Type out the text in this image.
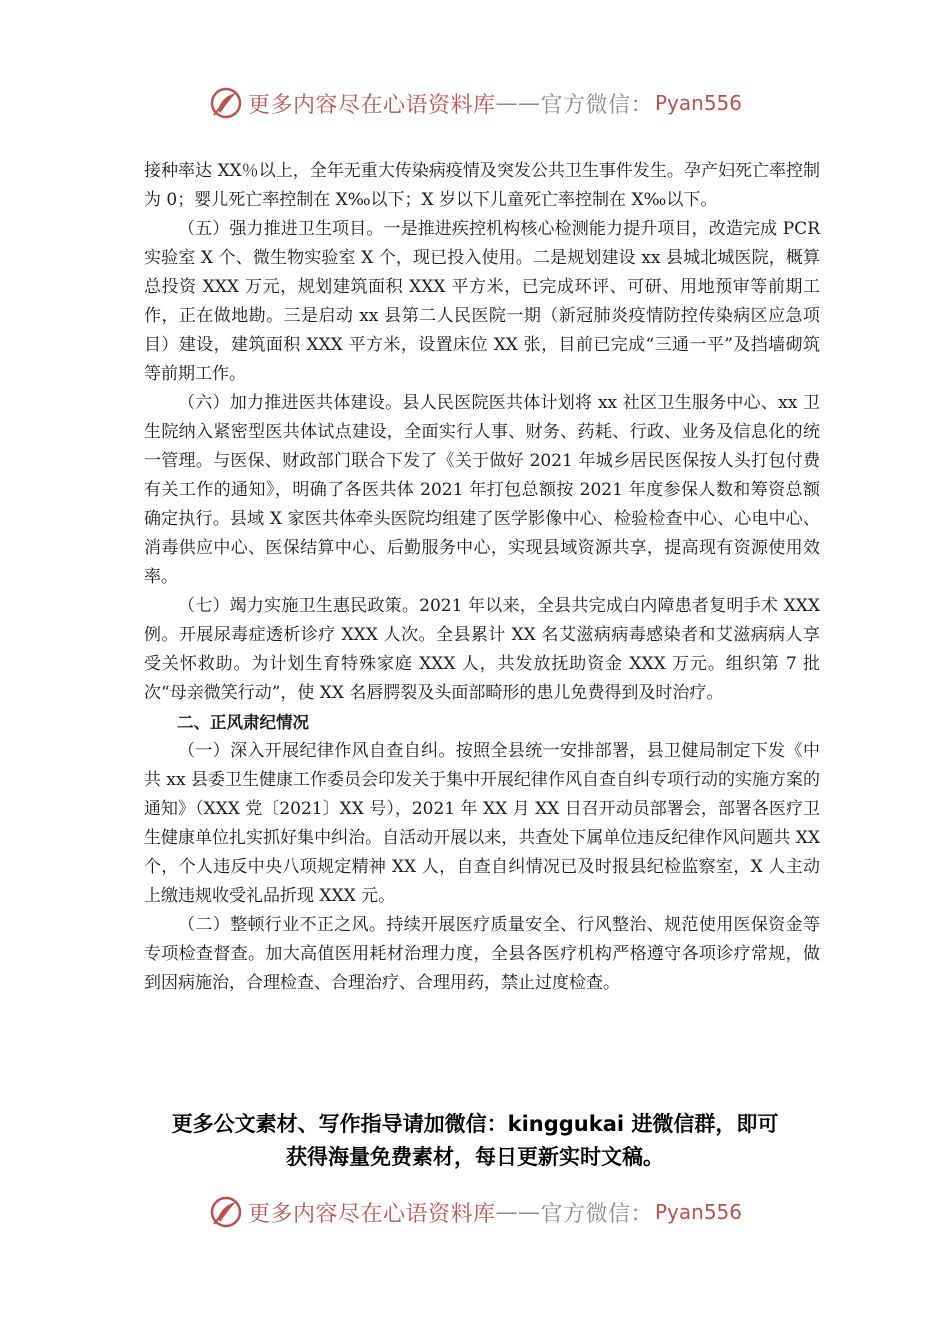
更多内容尽在心语资料库 —— 官方微信： Pyan556

接种率达 XX％以上，全年无重大传染病疫情及突发公共卫生事件发生。孕产妇死亡率控制为 0；婴儿死亡率控制在 X‰以下；X 岁以下儿童死亡率控制在 X‰以下。

（五）强力推进卫生项目。一是推进疾控机构核心检测能力提升项目，改造完成 PCR 实验室 X 个、微生物实验室 X 个，现已投入使用。二是规划建设 xx 县城北城医院，概算总投资 XXX 万元，规划建筑面积 XXX 平方米，已完成环评、可研、用地预审等前期工作，正在做地勘。三是启动 xx 县第二人民医院一期（新冠肺炎疫情防控传染病区应急项目）建设，建筑面积 XXX 平方米，设置床位 XX 张，目前已完成“三通一平”及挡墙砌筑等前期工作。

（六）加力推进医共体建设。县人民医院医共体计划将 xx 社区卫生服务中心、xx 卫生院纳入紧密型医共体试点建设，全面实行人事、财务、药耗、行政、业务及信息化的统一管理。与医保、财政部门联合下发了《关于做好 2021 年城乡居民医保按人头打包付费有关工作的通知》，明确了各医共体 2021 年打包总额按 2021 年度参保人数和筹资总额确定执行。县域 X 家医共体牵头医院均组建了医学影像中心、检验检查中心、心电中心、消毒供应中心、医保结算中心、后勤服务中心，实现县域资源共享，提高现有资源使用效率。

（七）竭力实施卫生惠民政策。2021 年以来，全县共完成白内障患者复明手术 XXX 例。开展尿毒症透析诊疗 XXX 人次。全县累计 XX 名艾滋病病毒感染者和艾滋病病人享受关怀救助。为计划生育特殊家庭 XXX 人，共发放抚助资金 XXX 万元。组织第 7 批次“母亲微笑行动”，使 XX 名唇腭裂及头面部畸形的患儿免费得到及时治疗。

二、正风肃纪情况

（一）深入开展纪律作风自查自纠。按照全县统一安排部署，县卫健局制定下发《中共 xx 县委卫生健康工作委员会印发关于集中开展纪律作风自查自纠专项行动的实施方案的通知》（XXX 党〔2021〕XX 号），2021 年 XX 月 XX 日召开动员部署会，部署各医疗卫生健康单位扎实抓好集中纠治。自活动开展以来，共查处下属单位违反纪律作风问题共 XX 个，个人违反中央八项规定精神 XX 人，自查自纠情况已及时报县纪检监察室，X 人主动上缴违规收受礼品折现 XXX 元。

（二）整顿行业不正之风。持续开展医疗质量安全、行风整治、规范使用医保资金等专项检查督查。加大高值医用耗材治理力度，全县各医疗机构严格遵守各项诊疗常规，做到因病施治，合理检查、合理治疗、合理用药，禁止过度检查。

更多公文素材、写作指导请加微信：kinggukai 进微信群，即可
获得海量免费素材，每日更新实时文稿。
更多内容尽在心语资料库 —— 官方微信： Pyan556
